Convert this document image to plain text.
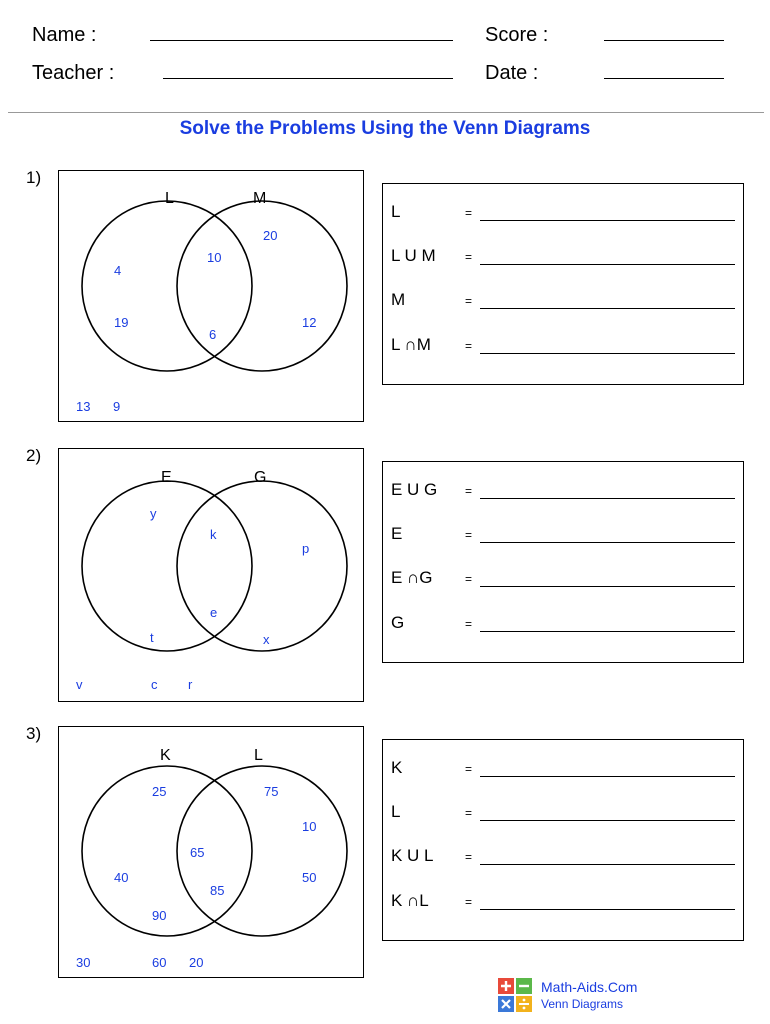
Name :	Score :
Teacher :	Date :
Solve the Problems Using the Venn Diagrams
1)
L	M
4
19
10
6
20
12
13 9
L	=
L U M =
M	=
L ∩M	=
2)
E	G
y
t
k
e
p
x
v	c r
E U G =
E	=
E ∩G	=
G	=
3)
K	L
25
40
90
65
85
75
10
50
30	60 20
K	=
L	=
K U L	=
K ∩L	=
Math-Aids.Com
Venn Diagrams
